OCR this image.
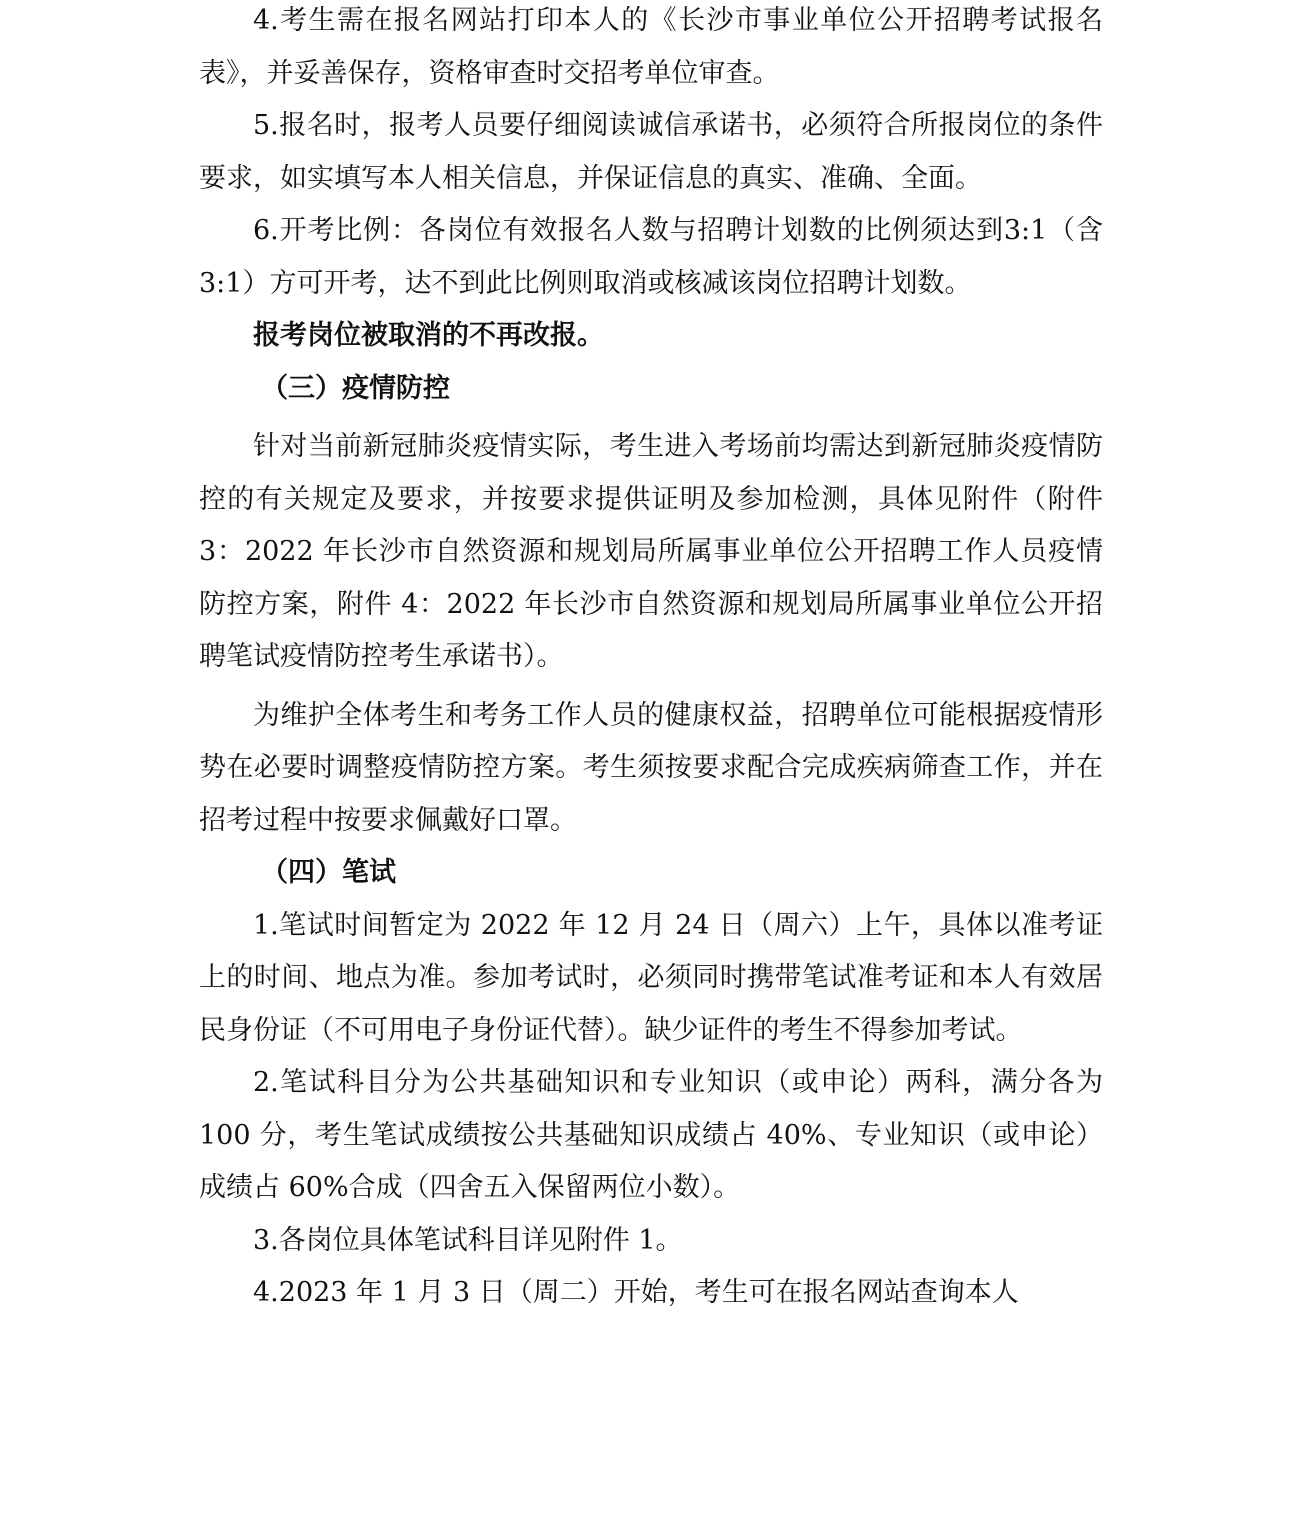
4.考生需在报名网站打印本人的《长沙市事业单位公开招聘考试报名表》，并妥善保存，资格审查时交招考单位审查。

5.报名时，报考人员要仔细阅读诚信承诺书，必须符合所报岗位的条件要求，如实填写本人相关信息，并保证信息的真实、准确、全面。

6.开考比例：各岗位有效报名人数与招聘计划数的比例须达到3:1（含 3:1）方可开考，达不到此比例则取消或核减该岗位招聘计划数。

报考岗位被取消的不再改报。

（三）疫情防控

针对当前新冠肺炎疫情实际，考生进入考场前均需达到新冠肺炎疫情防控的有关规定及要求，并按要求提供证明及参加检测，具体见附件（附件 3：2022 年长沙市自然资源和规划局所属事业单位公开招聘工作人员疫情防控方案，附件 4：2022 年长沙市自然资源和规划局所属事业单位公开招聘笔试疫情防控考生承诺书）。

为维护全体考生和考务工作人员的健康权益，招聘单位可能根据疫情形势在必要时调整疫情防控方案。考生须按要求配合完成疾病筛查工作，并在招考过程中按要求佩戴好口罩。

（四）笔试

1.笔试时间暂定为 2022 年 12 月 24 日（周六）上午，具体以准考证上的时间、地点为准。参加考试时，必须同时携带笔试准考证和本人有效居民身份证（不可用电子身份证代替）。缺少证件的考生不得参加考试。

2.笔试科目分为公共基础知识和专业知识（或申论）两科，满分各为 100 分，考生笔试成绩按公共基础知识成绩占 40%、专业知识（或申论）成绩占 60%合成（四舍五入保留两位小数）。

3.各岗位具体笔试科目详见附件 1。

4.2023 年 1 月 3 日（周二）开始，考生可在报名网站查询本人
